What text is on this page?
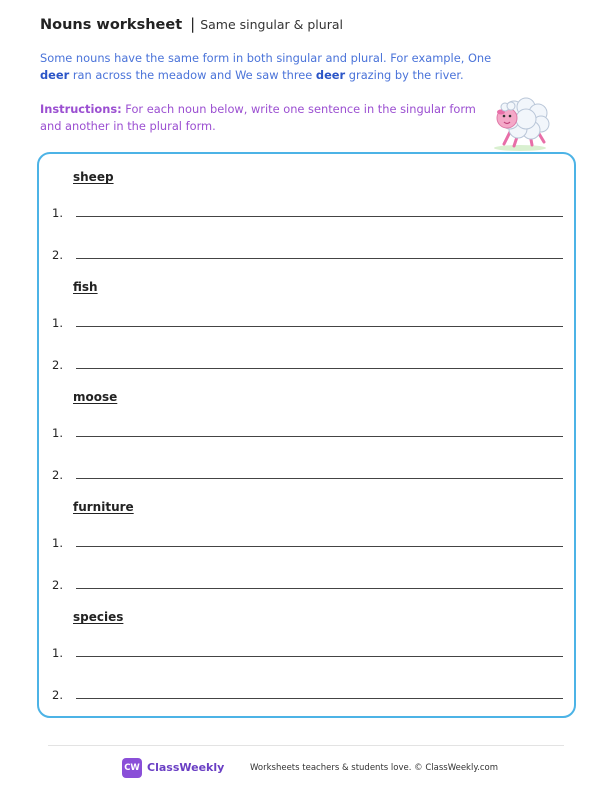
Nouns worksheet | Same singular & plural

Some nouns have the same form in both singular and plural. For example, One deer ran across the meadow and We saw three deer grazing by the river.

Instructions: For each noun below, write one sentence in the singular form and another in the plural form.

sheep
1.
2.
fish
1.
2.
moose
1.
2.
furniture
1.
2.
species
1.
2.
CW ClassWeekly	Worksheets teachers & students love. © ClassWeekly.com
